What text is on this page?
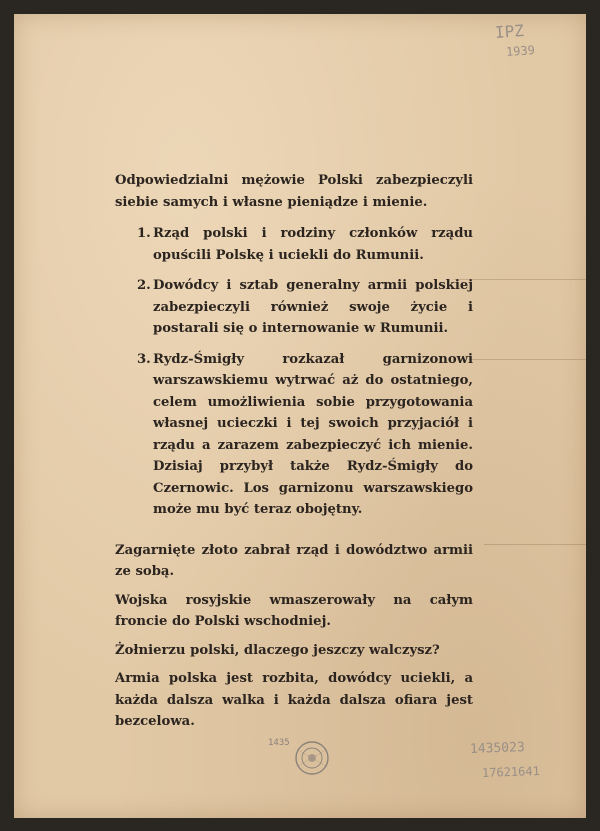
IPZ
1939
1435023
17621641
1435

Odpowiedzialni mężowie Polski zabezpieczyli siebie samych i własne pieniądze i mienie.

1. Rząd polski i rodziny członków rządu opuścili Polskę i uciekli do Rumunii.
2. Dowódcy i sztab generalny armii polskiej zabezpieczyli również swoje życie i postarali się o internowanie w Rumunii.
3. Rydz-Śmigły rozkazał garnizonowi warszawskiemu wytrwać aż do ostatniego, celem umożliwienia sobie przygotowania własnej ucieczki i tej swoich przyjaciół i rządu a zarazem zabezpieczyć ich mienie. Dzisiaj przybył także Rydz-Śmigły do Czernowic. Los garnizonu warszawskiego może mu być teraz obojętny.

Zagarnięte złoto zabrał rząd i dowództwo armii ze sobą.

Wojska rosyjskie wmaszerowały na całym froncie do Polski wschodniej.

Żołnierzu polski, dlaczego jeszczy walczysz?

Armia polska jest rozbita, dowódcy uciekli, a każda dalsza walka i każda dalsza ofiara jest bezcelowa.
